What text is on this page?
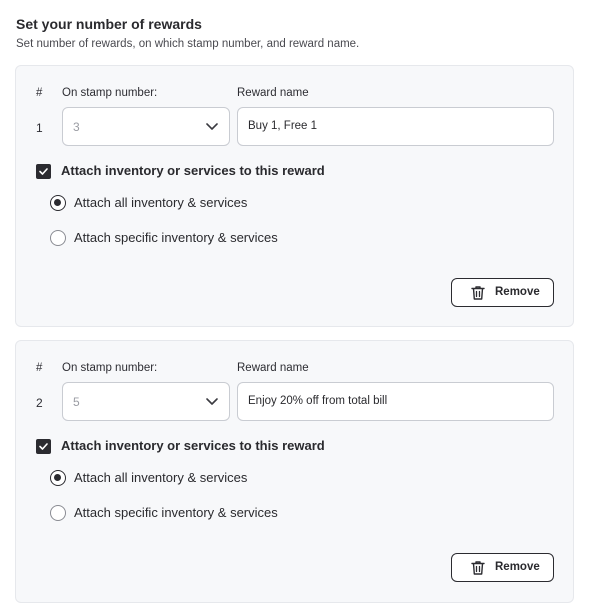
Set your number of rewards
Set number of rewards, on which stamp number, and reward name.
# On stamp number:	Reward name
1	3	Buy 1, Free 1
Attach inventory or services to this reward
Attach all inventory & services
Attach specific inventory & services
Remove
# On stamp number:	Reward name
2	5	Enjoy 20% off from total bill
Attach inventory or services to this reward
Attach all inventory & services
Attach specific inventory & services
Remove
